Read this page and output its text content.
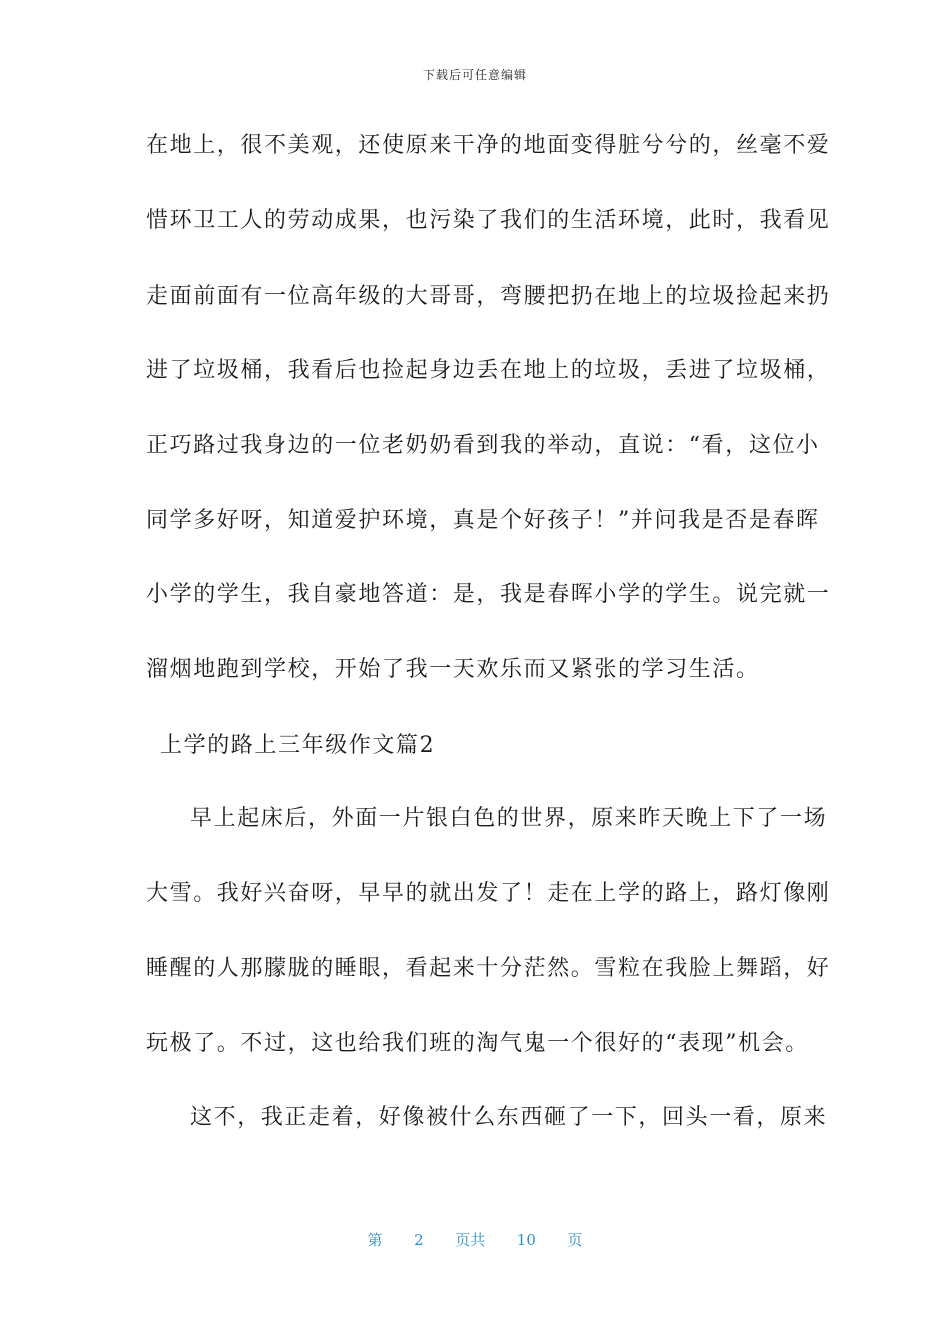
下载后可任意编辑
在地上，很不美观，还使原来干净的地面变得脏兮兮的，丝毫不爱
惜环卫工人的劳动成果，也污染了我们的生活环境，此时，我看见
走面前面有一位高年级的大哥哥，弯腰把扔在地上的垃圾捡起来扔
进了垃圾桶，我看后也捡起身边丢在地上的垃圾，丢进了垃圾桶，
正巧路过我身边的一位老奶奶看到我的举动，直说：“看，这位小
同学多好呀，知道爱护环境，真是个好孩子！”并问我是否是春晖
小学的学生，我自豪地答道：是，我是春晖小学的学生。说完就一
溜烟地跑到学校，开始了我一天欢乐而又紧张的学习生活。
上学的路上三年级作文篇2
早上起床后，外面一片银白色的世界，原来昨天晚上下了一场
大雪。我好兴奋呀，早早的就出发了！走在上学的路上，路灯像刚
睡醒的人那朦胧的睡眼，看起来十分茫然。雪粒在我脸上舞蹈，好
玩极了。不过，这也给我们班的淘气鬼一个很好的“表现”机会。
这不，我正走着，好像被什么东西砸了一下，回头一看，原来
第 2 页共 10 页
